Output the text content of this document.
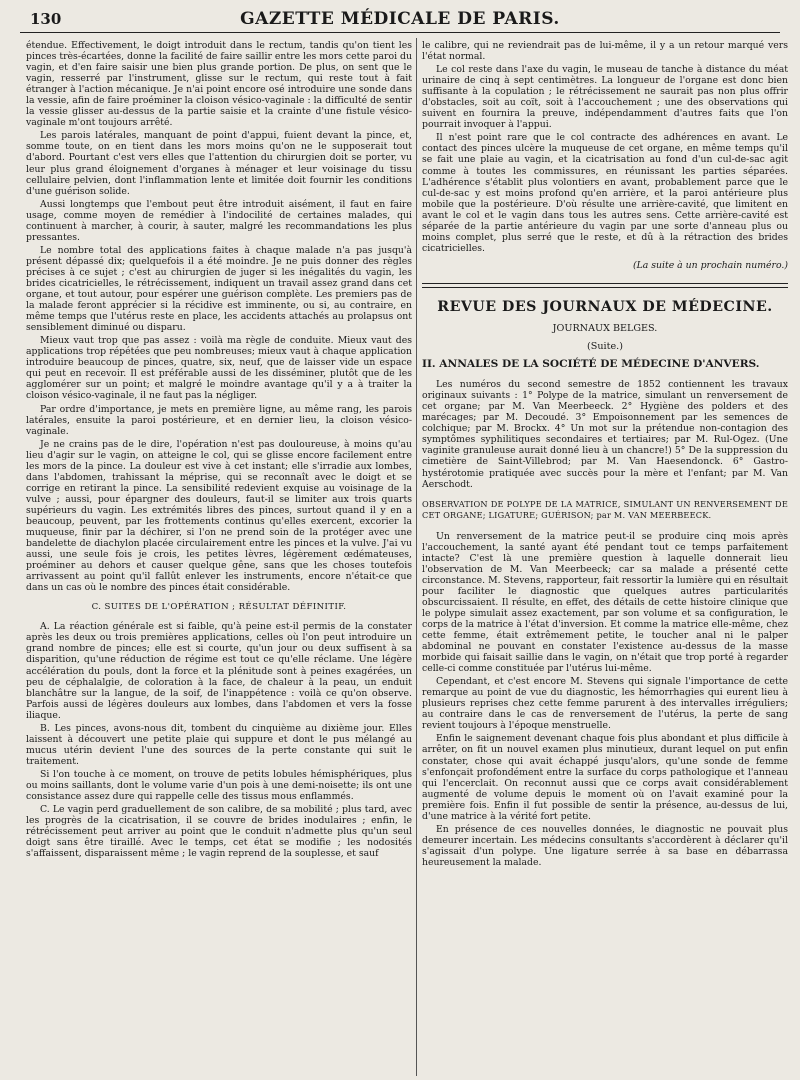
130	GAZETTE MÉDICALE DE PARIS.

étendue. Effectivement, le doigt introduit dans le rectum, tandis qu'on tient les pinces très-écartées, donne la facilité de faire saillir entre les mors cette paroi du vagin, et d'en faire saisir une bien plus grande portion. De plus, on sent que le vagin, resserré par l'instrument, glisse sur le rectum, qui reste tout à fait étranger à l'action mécanique. Je n'ai point encore osé introduire une sonde dans la vessie, afin de faire proéminer la cloison vésico-vaginale : la difficulté de sentir la vessie glisser au-dessus de la partie saisie et la crainte d'une fistule vésico-vaginale m'ont toujours arrêté.

Les parois latérales, manquant de point d'appui, fuient devant la pince, et, somme toute, on en tient dans les mors moins qu'on ne le supposerait tout d'abord. Pourtant c'est vers elles que l'attention du chirurgien doit se porter, vu leur plus grand éloignement d'organes à ménager et leur voisinage du tissu cellulaire pelvien, dont l'inflammation lente et limitée doit fournir les conditions d'une guérison solide.

Aussi longtemps que l'embout peut être introduit aisément, il faut en faire usage, comme moyen de remédier à l'indocilité de certaines malades, qui continuent à marcher, à courir, à sauter, malgré les recommandations les plus pressantes.

Le nombre total des applications faites à chaque malade n'a pas jusqu'à présent dépassé dix; quelquefois il a été moindre. Je ne puis donner des règles précises à ce sujet ; c'est au chirurgien de juger si les inégalités du vagin, les brides cicatricielles, le rétrécissement, indiquent un travail assez grand dans cet organe, et tout autour, pour espérer une guérison complète. Les premiers pas de la malade feront apprécier si la récidive est imminente, ou si, au contraire, en même temps que l'utérus reste en place, les accidents attachés au prolapsus ont sensiblement diminué ou disparu.

Mieux vaut trop que pas assez : voilà ma règle de conduite. Mieux vaut des applications trop répétées que peu nombreuses; mieux vaut à chaque application introduire beaucoup de pinces, quatre, six, neuf, que de laisser vide un espace qui peut en recevoir. Il est préférable aussi de les disséminer, plutôt que de les agglomérer sur un point; et malgré le moindre avantage qu'il y a à traiter la cloison vésico-vaginale, il ne faut pas la négliger.

Par ordre d'importance, je mets en première ligne, au même rang, les parois latérales, ensuite la paroi postérieure, et en dernier lieu, la cloison vésico-vaginale.

Je ne crains pas de le dire, l'opération n'est pas douloureuse, à moins qu'au lieu d'agir sur le vagin, on atteigne le col, qui se glisse encore facilement entre les mors de la pince. La douleur est vive à cet instant; elle s'irradie aux lombes, dans l'abdomen, trahissant la méprise, qui se reconnaît avec le doigt et se corrige en retirant la pince. La sensibilité redevient exquise au voisinage de la vulve ; aussi, pour épargner des douleurs, faut-il se limiter aux trois quarts supérieurs du vagin. Les extrémités libres des pinces, surtout quand il y en a beaucoup, peuvent, par les frottements continus qu'elles exercent, excorier la muqueuse, finir par la déchirer, si l'on ne prend soin de la protéger avec une bandelette de diachylon placée circulairement entre les pinces et la vulve. J'ai vu aussi, une seule fois je crois, les petites lèvres, légèrement œdémateuses, proéminer au dehors et causer quelque gêne, sans que les choses toutefois arrivassent au point qu'il fallût enlever les instruments, encore n'était-ce que dans un cas où le nombre des pinces était considérable.

C. SUITES DE L'OPÉRATION ; RÉSULTAT DÉFINITIF.

A. La réaction générale est si faible, qu'à peine est-il permis de la constater après les deux ou trois premières applications, celles où l'on peut introduire un grand nombre de pinces; elle est si courte, qu'un jour ou deux suffisent à sa disparition, qu'une réduction de régime est tout ce qu'elle réclame. Une légère accélération du pouls, dont la force et la plénitude sont à peines exagérées, un peu de céphalalgie, de coloration à la face, de chaleur à la peau, un enduit blanchâtre sur la langue, de la soif, de l'inappétence : voilà ce qu'on observe. Parfois aussi de légères douleurs aux lombes, dans l'abdomen et vers la fosse iliaque.

B. Les pinces, avons-nous dit, tombent du cinquième au dixième jour. Elles laissent à découvert une petite plaie qui suppure et dont le pus mélangé au mucus utérin devient l'une des sources de la perte constante qui suit le traitement.

Si l'on touche à ce moment, on trouve de petits lobules hémisphériques, plus ou moins saillants, dont le volume varie d'un pois à une demi-noisette; ils ont une consistance assez dure qui rappelle celle des tissus mous enflammés.

C. Le vagin perd graduellement de son calibre, de sa mobilité ; plus tard, avec les progrès de la cicatrisation, il se couvre de brides inodulaires ; enfin, le rétrécissement peut arriver au point que le conduit n'admette plus qu'un seul doigt sans être tiraillé. Avec le temps, cet état se modifie ; les nodosités s'affaissent, disparaissent même ; le vagin reprend de la souplesse, et sauf

le calibre, qui ne reviendrait pas de lui-même, il y a un retour marqué vers l'état normal.

Le col reste dans l'axe du vagin, le museau de tanche à distance du méat urinaire de cinq à sept centimètres. La longueur de l'organe est donc bien suffisante à la copulation ; le rétrécissement ne saurait pas non plus offrir d'obstacles, soit au coït, soit à l'accouchement ; une des observations qui suivent en fournira la preuve, indépendamment d'autres faits que l'on pourrait invoquer à l'appui.

Il n'est point rare que le col contracte des adhérences en avant. Le contact des pinces ulcère la muqueuse de cet organe, en même temps qu'il se fait une plaie au vagin, et la cicatrisation au fond d'un cul-de-sac agit comme à toutes les commissures, en réunissant les parties séparées. L'adhérence s'établit plus volontiers en avant, probablement parce que le cul-de-sac y est moins profond qu'en arrière, et la paroi antérieure plus mobile que la postérieure. D'où résulte une arrière-cavité, que limitent en avant le col et le vagin dans tous les autres sens. Cette arrière-cavité est séparée de la partie antérieure du vagin par une sorte d'anneau plus ou moins complet, plus serré que le reste, et dû à la rétraction des brides cicatricielles.

(La suite à un prochain numéro.)

REVUE DES JOURNAUX DE MÉDECINE.
JOURNAUX BELGES.
(Suite.)
II. ANNALES DE LA SOCIÉTÉ DE MÉDECINE D'ANVERS.

Les numéros du second semestre de 1852 contiennent les travaux originaux suivants : 1° Polype de la matrice, simulant un renversement de cet organe; par M. Van Meerbeeck. 2° Hygiène des polders et des marécages; par M. Decoudé. 3° Empoisonnement par les semences de colchique; par M. Brockx. 4° Un mot sur la prétendue non-contagion des symptômes syphilitiques secondaires et tertiaires; par M. Rul-Ogez. (Une vaginite granuleuse aurait donné lieu à un chancre!) 5° De la suppression du cimetière de Saint-Villebrod; par M. Van Haesendonck. 6° Gastro-hystérotomie pratiquée avec succès pour la mère et l'enfant; par M. Van Aerschodt.

OBSERVATION DE POLYPE DE LA MATRICE, SIMULANT UN RENVERSEMENT DE CET ORGANE; LIGATURE; GUÉRISON; par M. VAN MEERBEECK.

Un renversement de la matrice peut-il se produire cinq mois après l'accouchement, la santé ayant été pendant tout ce temps parfaitement intacte? C'est là une première question à laquelle donnerait lieu l'observation de M. Van Meerbeeck; car sa malade a présenté cette circonstance. M. Stevens, rapporteur, fait ressortir la lumière qui en résultait pour faciliter le diagnostic que quelques autres particularités obscurcissaient. Il résulte, en effet, des détails de cette histoire clinique que le polype simulait assez exactement, par son volume et sa configuration, le corps de la matrice à l'état d'inversion. Et comme la matrice elle-même, chez cette femme, était extrêmement petite, le toucher anal ni le palper abdominal ne pouvant en constater l'existence au-dessus de la masse morbide qui faisait saillie dans le vagin, on n'était que trop porté à regarder celle-ci comme constituée par l'utérus lui-même.

Cependant, et c'est encore M. Stevens qui signale l'importance de cette remarque au point de vue du diagnostic, les hémorrhagies qui eurent lieu à plusieurs reprises chez cette femme parurent à des intervalles irréguliers; au contraire dans le cas de renversement de l'utérus, la perte de sang revient toujours à l'époque menstruelle.

Enfin le saignement devenant chaque fois plus abondant et plus difficile à arrêter, on fit un nouvel examen plus minutieux, durant lequel on put enfin constater, chose qui avait échappé jusqu'alors, qu'une sonde de femme s'enfonçait profondément entre la surface du corps pathologique et l'anneau qui l'encerclait. On reconnut aussi que ce corps avait considérablement augmenté de volume depuis le moment où on l'avait examiné pour la première fois. Enfin il fut possible de sentir la présence, au-dessus de lui, d'une matrice à la vérité fort petite.

En présence de ces nouvelles données, le diagnostic ne pouvait plus demeurer incertain. Les médecins consultants s'accordèrent à déclarer qu'il s'agissait d'un polype. Une ligature serrée à sa base en débarrassa heureusement la malade.
